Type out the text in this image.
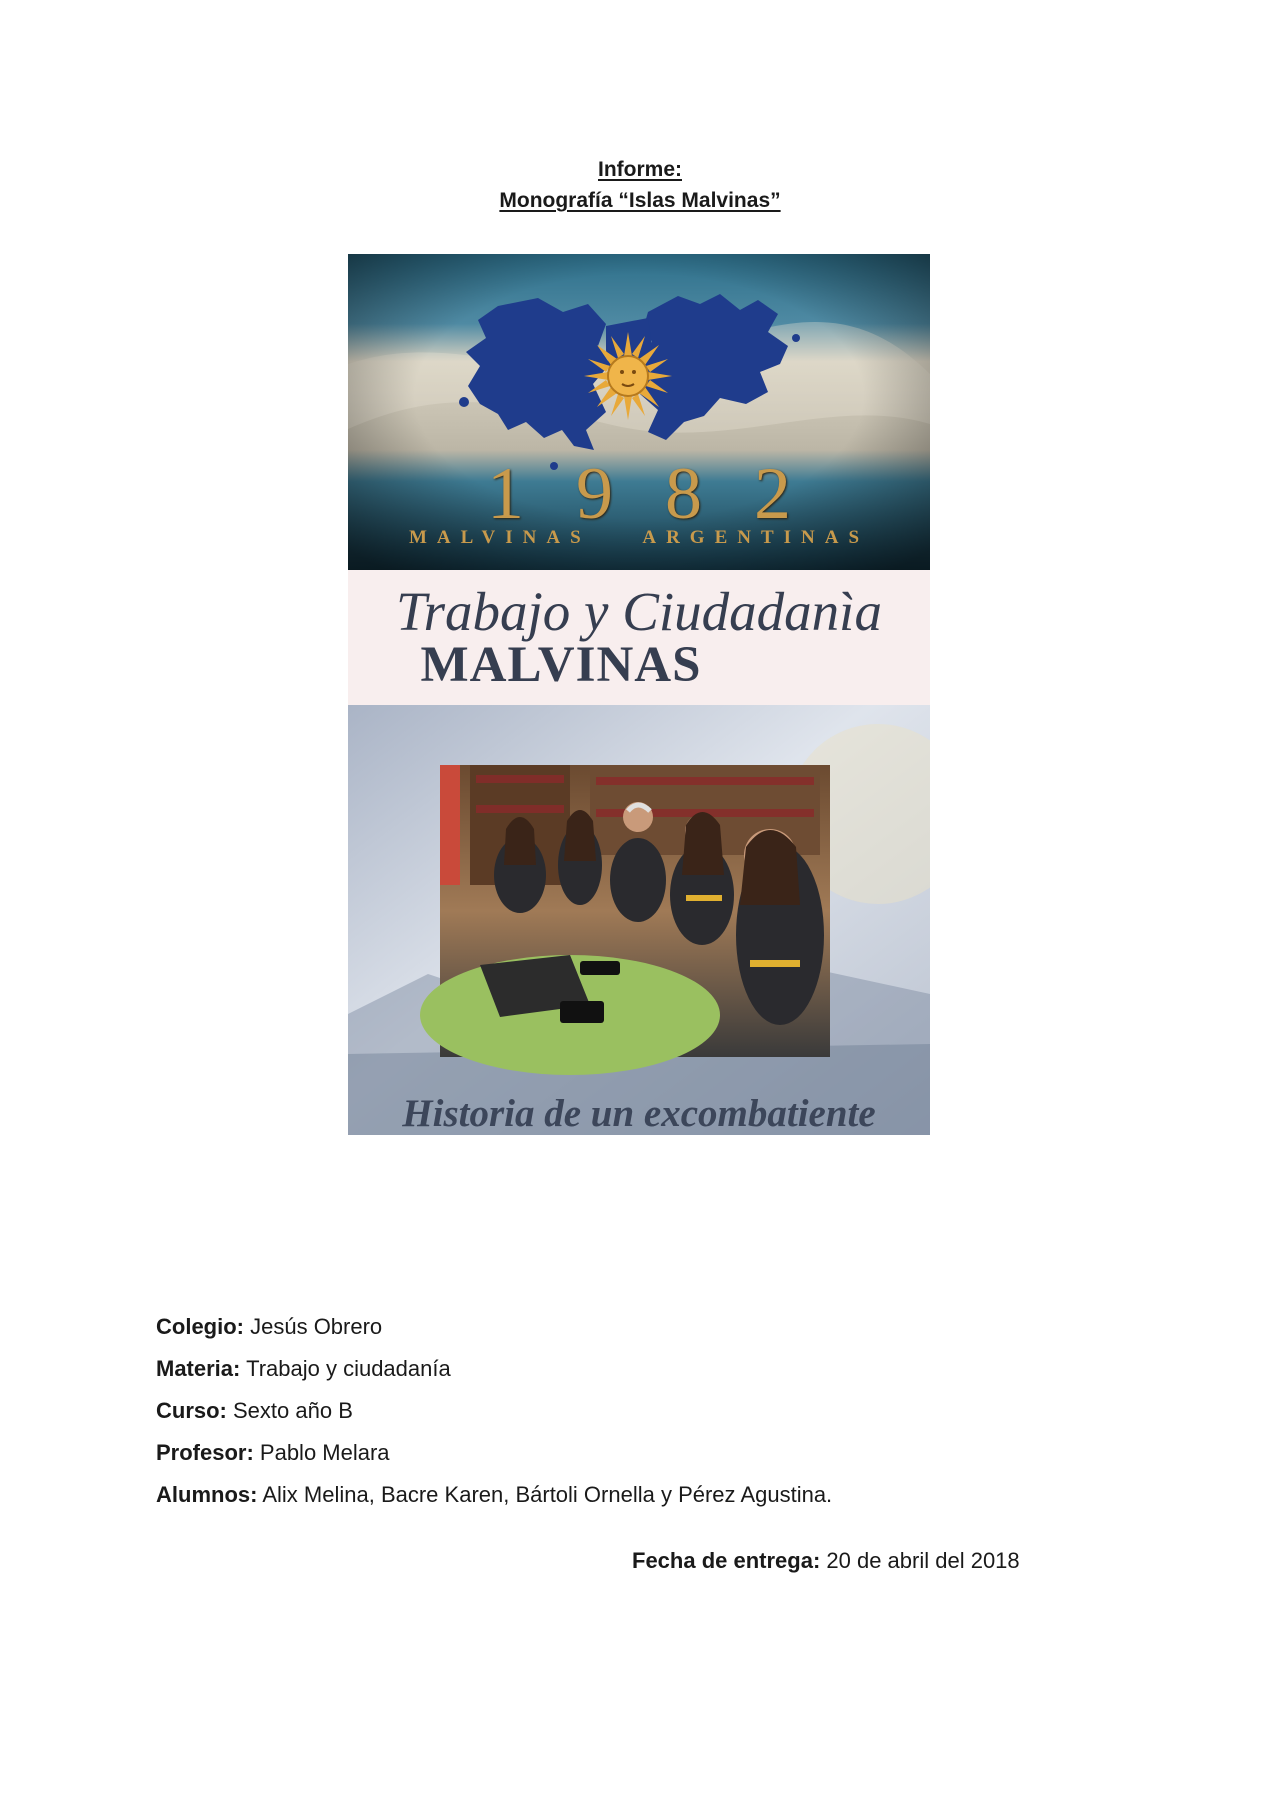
Informe:
Monografía “Islas Malvinas”
1982
MALVINAS ARGENTINAS
Trabajo y Ciudadanìa
MALVINAS
Historia de un excombatiente
Colegio: Jesús Obrero
Materia: Trabajo y ciudadanía
Curso: Sexto año B
Profesor: Pablo Melara
Alumnos: Alix Melina, Bacre Karen, Bártoli Ornella y Pérez Agustina.
Fecha de entrega: 20 de abril del 2018
